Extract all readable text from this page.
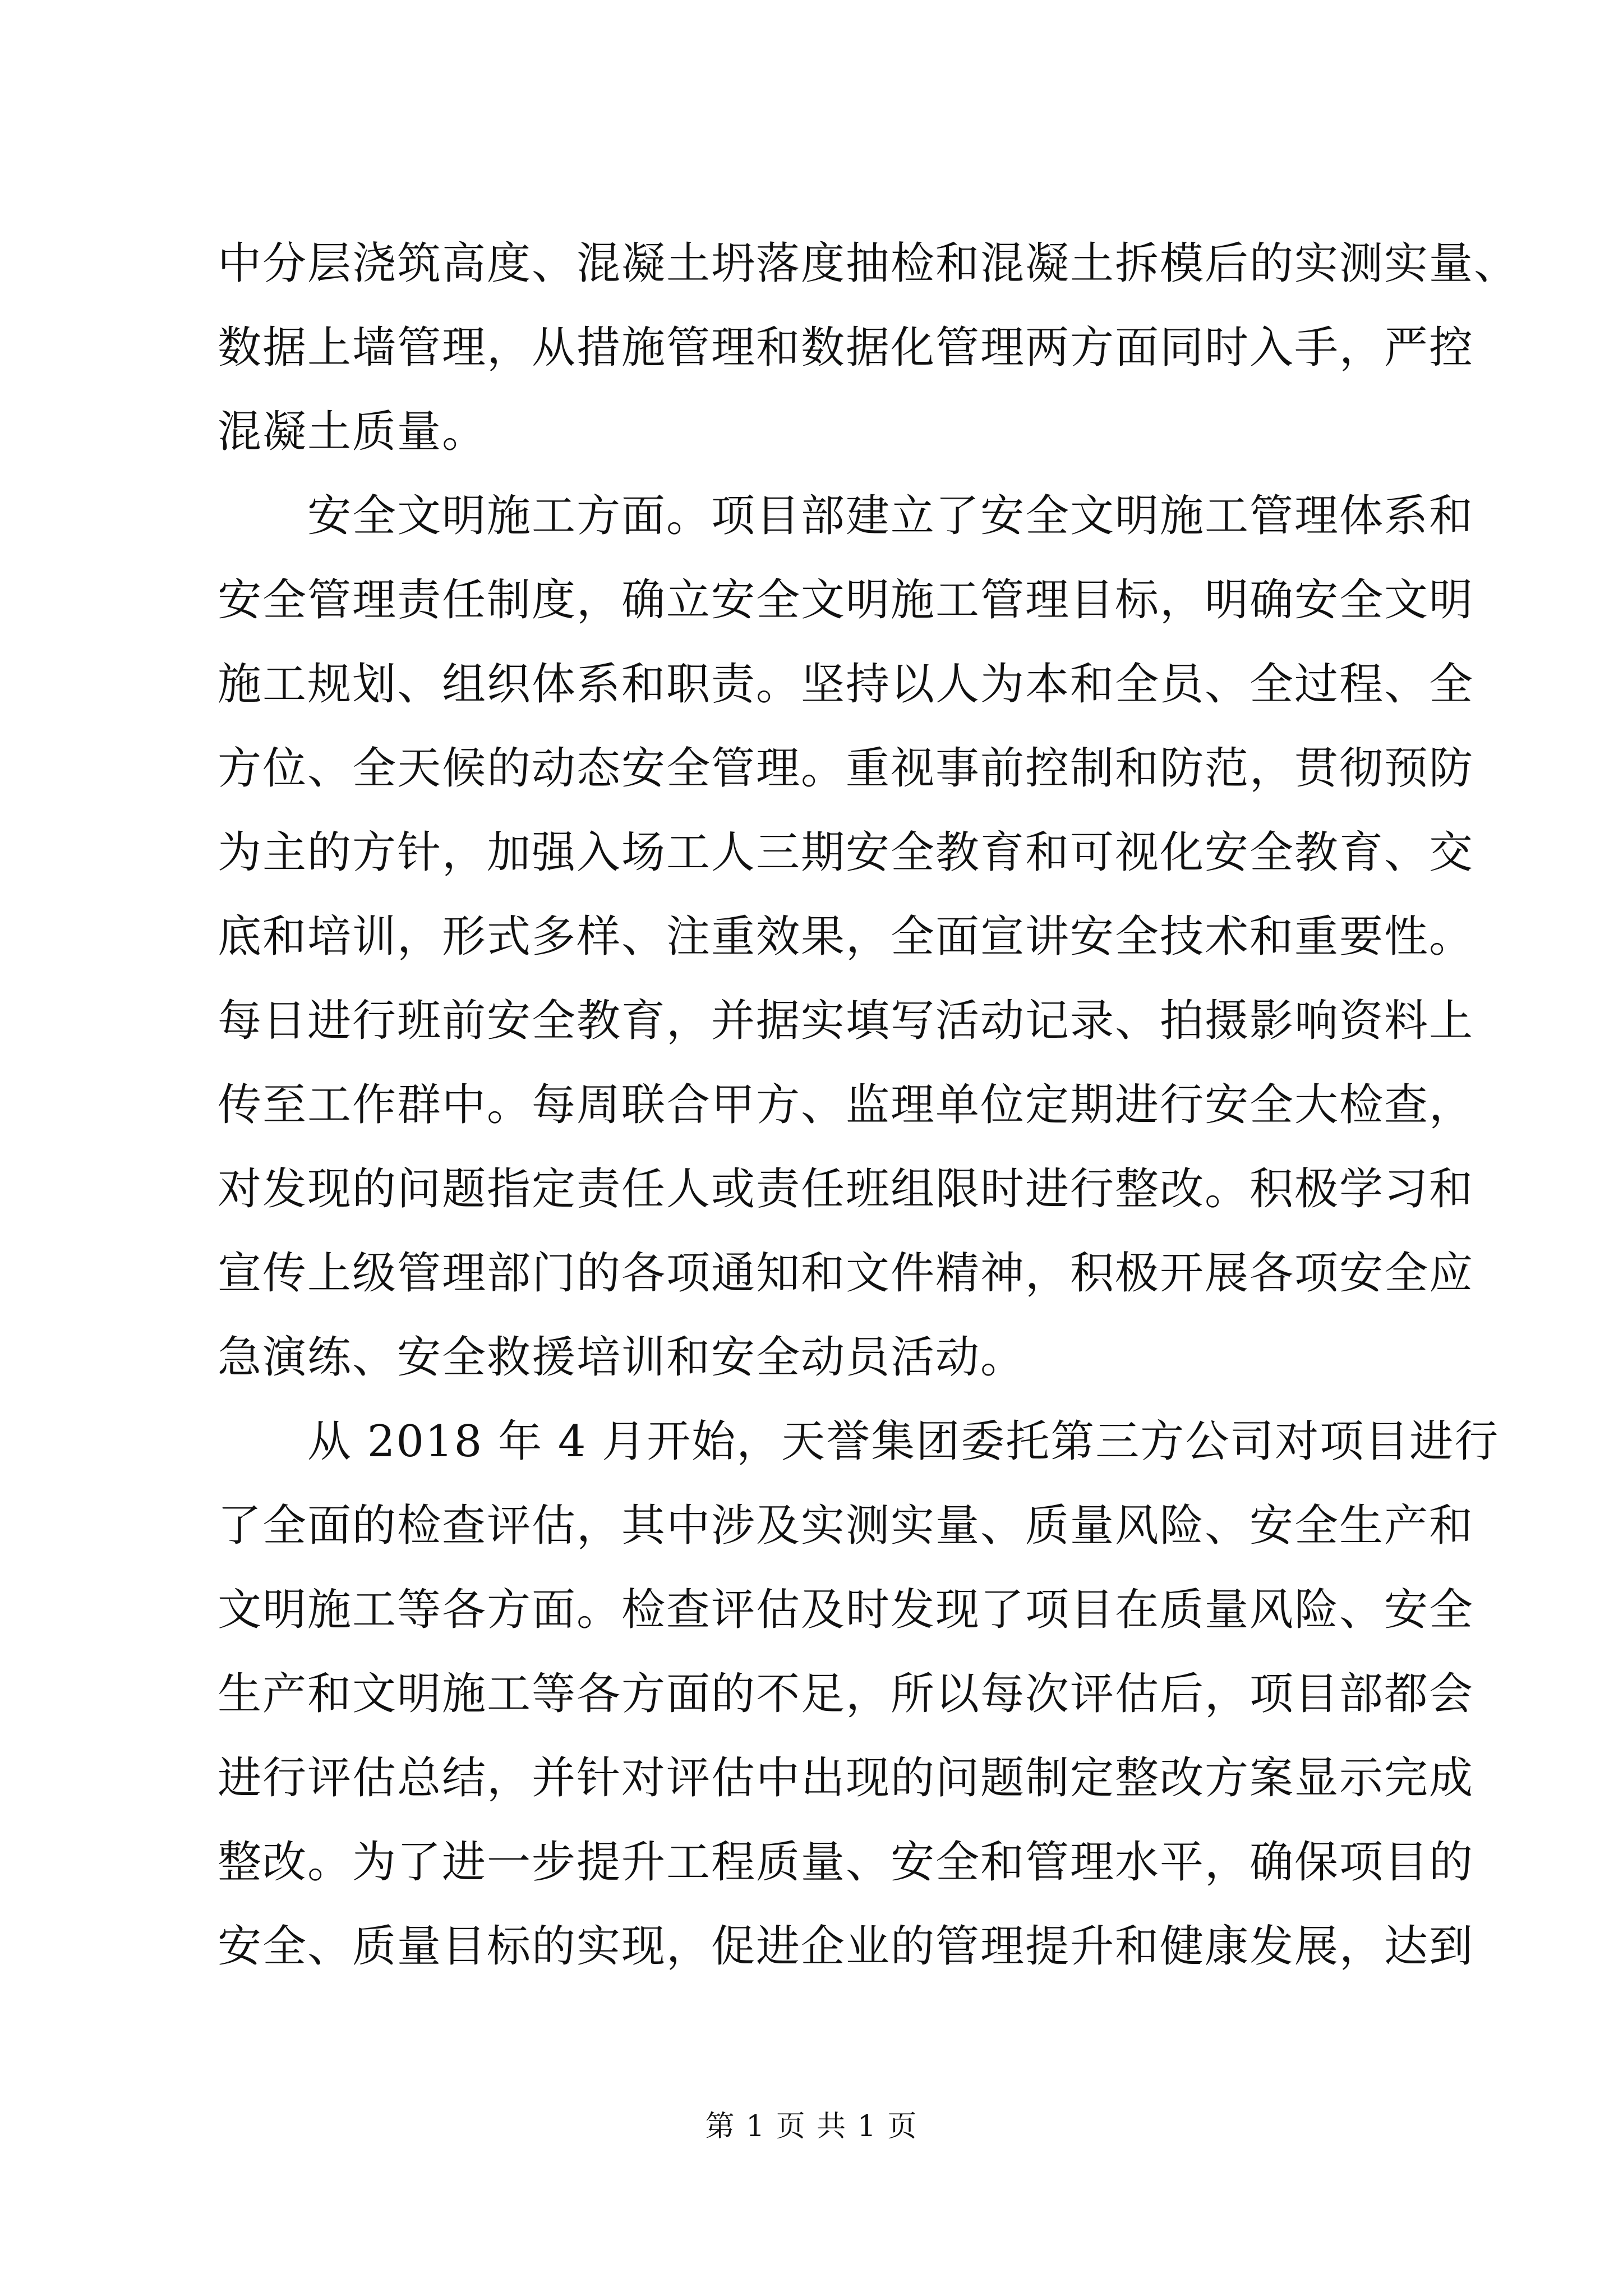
中分层浇筑高度、混凝土坍落度抽检和混凝土拆模后的实测实量、
数据上墙管理，从措施管理和数据化管理两方面同时入手，严控
混凝土质量。
安全文明施工方面。项目部建立了安全文明施工管理体系和
安全管理责任制度，确立安全文明施工管理目标，明确安全文明
施工规划、组织体系和职责。坚持以人为本和全员、全过程、全
方位、全天候的动态安全管理。重视事前控制和防范，贯彻预防
为主的方针，加强入场工人三期安全教育和可视化安全教育、交
底和培训，形式多样、注重效果，全面宣讲安全技术和重要性。
每日进行班前安全教育，并据实填写活动记录、拍摄影响资料上
传至工作群中。每周联合甲方、监理单位定期进行安全大检查，
对发现的问题指定责任人或责任班组限时进行整改。积极学习和
宣传上级管理部门的各项通知和文件精神，积极开展各项安全应
急演练、安全救援培训和安全动员活动。
从 2018 年 4 月开始，天誉集团委托第三方公司对项目进行
了全面的检查评估，其中涉及实测实量、质量风险、安全生产和
文明施工等各方面。检查评估及时发现了项目在质量风险、安全
生产和文明施工等各方面的不足，所以每次评估后，项目部都会
进行评估总结，并针对评估中出现的问题制定整改方案显示完成
整改。为了进一步提升工程质量、安全和管理水平，确保项目的
安全、质量目标的实现，促进企业的管理提升和健康发展，达到
第 1 页 共 1 页
